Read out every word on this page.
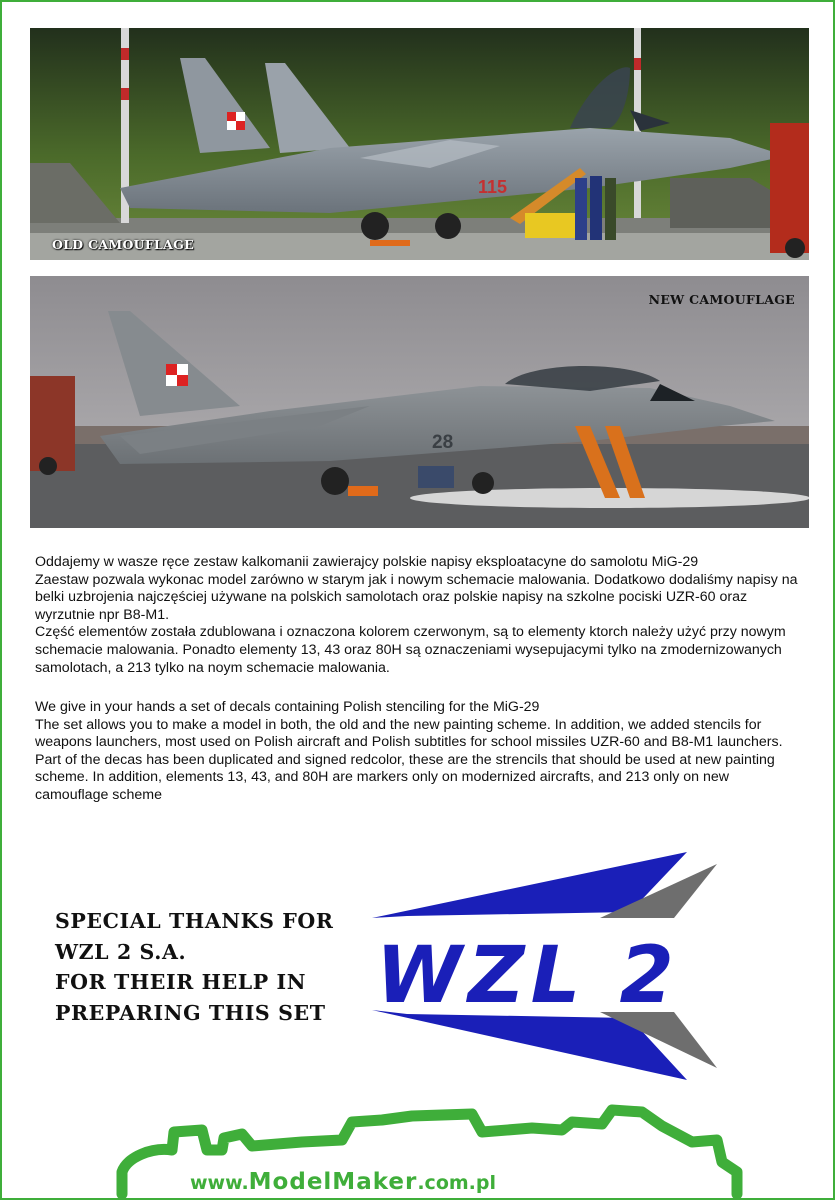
115
OLD CAMOUFLAGE
28
NEW CAMOUFLAGE

Oddajemy w wasze ręce zestaw kalkomanii zawierajcy polskie napisy eksploatacyne do samolotu MiG-29

Zaestaw pozwala wykonac model zarówno w starym jak i nowym schemacie malowania. Dodatkowo dodaliśmy napisy na belki uzbrojenia najczęściej używane na polskich samolotach oraz polskie napisy na szkolne pociski UZR-60 oraz wyrzutnie npr B8-M1.

Część elementów została zdublowana i oznaczona kolorem czerwonym, są to elementy ktorch należy użyć przy nowym schemacie malowania. Ponadto elementy 13, 43 oraz 80H są oznaczeniami wysepujacymi tylko na zmodernizowanych samolotach, a 213 tylko na noym schemacie malowania.

We give in your hands a set of decals containing Polish stenciling for the MiG-29

The set allows you to make a model in both, the old and the new painting scheme. In addition, we added stencils for weapons launchers, most used on Polish aircraft and Polish subtitles for school missiles UZR-60 and B8-M1 launchers.

Part of the decas has been duplicated and signed redcolor, these are the strencils that should be used at new painting scheme. In addition, elements 13, 43, and 80H are markers only on modernized aircrafts, and 213 only on new camouflage scheme

SPECIAL THANKS FOR
WZL 2 S.A.
FOR THEIR HELP IN
PREPARING THIS SET WZL 2
www.ModelMaker.com.pl
